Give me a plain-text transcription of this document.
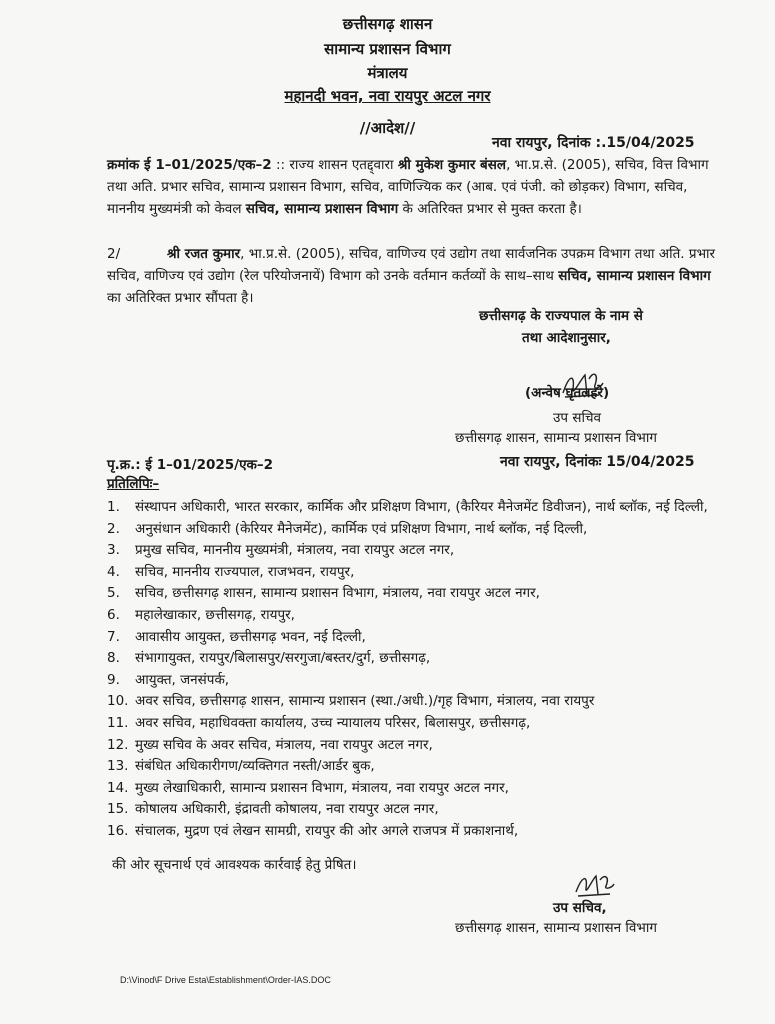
छत्तीसगढ़ शासन
सामान्य प्रशासन विभाग
मंत्रालय
महानदी भवन, नवा रायपुर अटल नगर
//आदेश//
नवा रायपुर, दिनांक :.15/04/2025
क्रमांक ई 1–01/2025/एक–2 :: राज्य शासन एतद्द्वारा श्री मुकेश कुमार बंसल, भा.प्र.से. (2005), सचिव, वित्त विभाग तथा अति. प्रभार सचिव, सामान्य प्रशासन विभाग, सचिव, वाणिज्यिक कर (आब. एवं पंजी. को छोड़कर) विभाग, सचिव, माननीय मुख्यमंत्री को केवल सचिव, सामान्य प्रशासन विभाग के अतिरिक्त प्रभार से मुक्त करता है।
2/	श्री रजत कुमार, भा.प्र.से. (2005), सचिव, वाणिज्य एवं उद्योग तथा सार्वजनिक उपक्रम विभाग तथा अति. प्रभार सचिव, वाणिज्य एवं उद्योग (रेल परियोजनायें) विभाग को उनके वर्तमान कर्तव्यों के साथ–साथ सचिव, सामान्य प्रशासन विभाग का अतिरिक्त प्रभार सौंपता है।
छत्तीसगढ़ के राज्यपाल के नाम से
तथा आदेशानुसार,
(अन्वेष घृतलहरे)
उप सचिव
छत्तीसगढ़ शासन, सामान्य प्रशासन विभाग
पृ.क्र.: ई 1–01/2025/एक–2	नवा रायपुर, दिनांकः 15/04/2025
प्रतिलिपिः–
1.	संस्थापन अधिकारी, भारत सरकार, कार्मिक और प्रशिक्षण विभाग, (कैरियर मैनेजमेंट डिवीजन), नार्थ ब्लॉक, नई दिल्ली,
2.	अनुसंधान अधिकारी (केरियर मैनेजमेंट), कार्मिक एवं प्रशिक्षण विभाग, नार्थ ब्लॉक, नई दिल्ली,
3.	प्रमुख सचिव, माननीय मुख्यमंत्री, मंत्रालय, नवा रायपुर अटल नगर,
4.	सचिव, माननीय राज्यपाल, राजभवन, रायपुर,
5.	सचिव, छत्तीसगढ़ शासन, सामान्य प्रशासन विभाग, मंत्रालय, नवा रायपुर अटल नगर,
6.	महालेखाकार, छत्तीसगढ़, रायपुर,
7.	आवासीय आयुक्त, छत्तीसगढ़ भवन, नई दिल्ली,
8.	संभागायुक्त, रायपुर/बिलासपुर/सरगुजा/बस्तर/दुर्ग, छत्तीसगढ़,
9.	आयुक्त, जनसंपर्क,
10. अवर सचिव, छत्तीसगढ़ शासन, सामान्य प्रशासन (स्था./अधी.)/गृह विभाग, मंत्रालय, नवा रायपुर
11. अवर सचिव, महाधिवक्ता कार्यालय, उच्च न्यायालय परिसर, बिलासपुर, छत्तीसगढ़,
12. मुख्य सचिव के अवर सचिव, मंत्रालय, नवा रायपुर अटल नगर,
13. संबंधित अधिकारीगण/व्यक्तिगत नस्ती/आर्डर बुक,
14. मुख्य लेखाधिकारी, सामान्य प्रशासन विभाग, मंत्रालय, नवा रायपुर अटल नगर,
15. कोषालय अधिकारी, इंद्रावती कोषालय, नवा रायपुर अटल नगर,
16. संचालक, मुद्रण एवं लेखन सामग्री, रायपुर की ओर अगले राजपत्र में प्रकाशनार्थ,
की ओर सूचनार्थ एवं आवश्यक कार्रवाई हेतु प्रेषित।
उप सचिव,
छत्तीसगढ़ शासन, सामान्य प्रशासन विभाग
D:\Vinod\F Drive Esta\Establishment\Order-IAS.DOC
